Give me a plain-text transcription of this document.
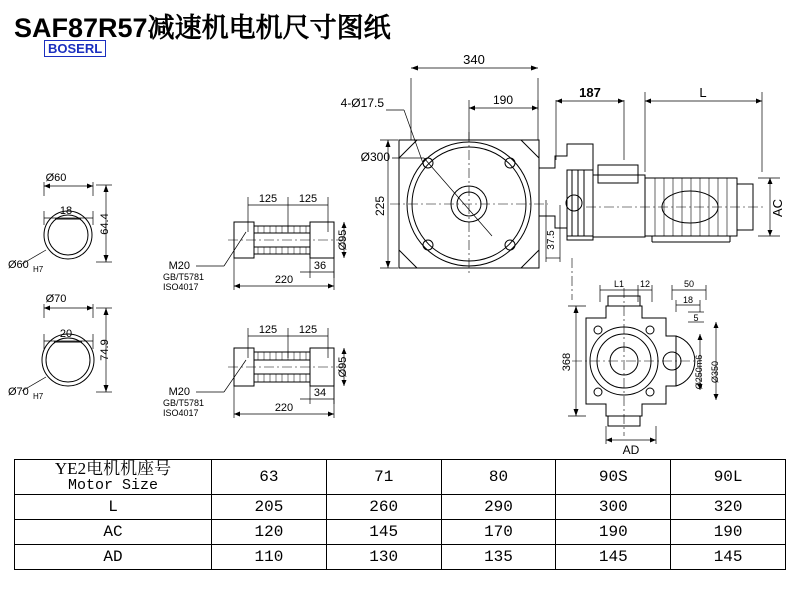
SAF87R57减速机电机尺寸图纸
BOSERL
Ø60
18
64.4
Ø60 H7
Ø70
20
74.9
Ø70 H7
125 125
36
220
Ø95
M20
GB/T5781
ISO4017
125 125
34
220
Ø95
M20
GB/T5781
ISO4017
340
190	187	L
4-Ø17.5
Ø300
225
37.5
AC
L1 12	50
18
5
368	Ø250m6 Ø350
AD
YE2电机机座号
Motor Size	63	71	80	90S	90L
L	205	260	290	300	320
AC	120	145	170	190	190
AD	110	130	135	145	145
